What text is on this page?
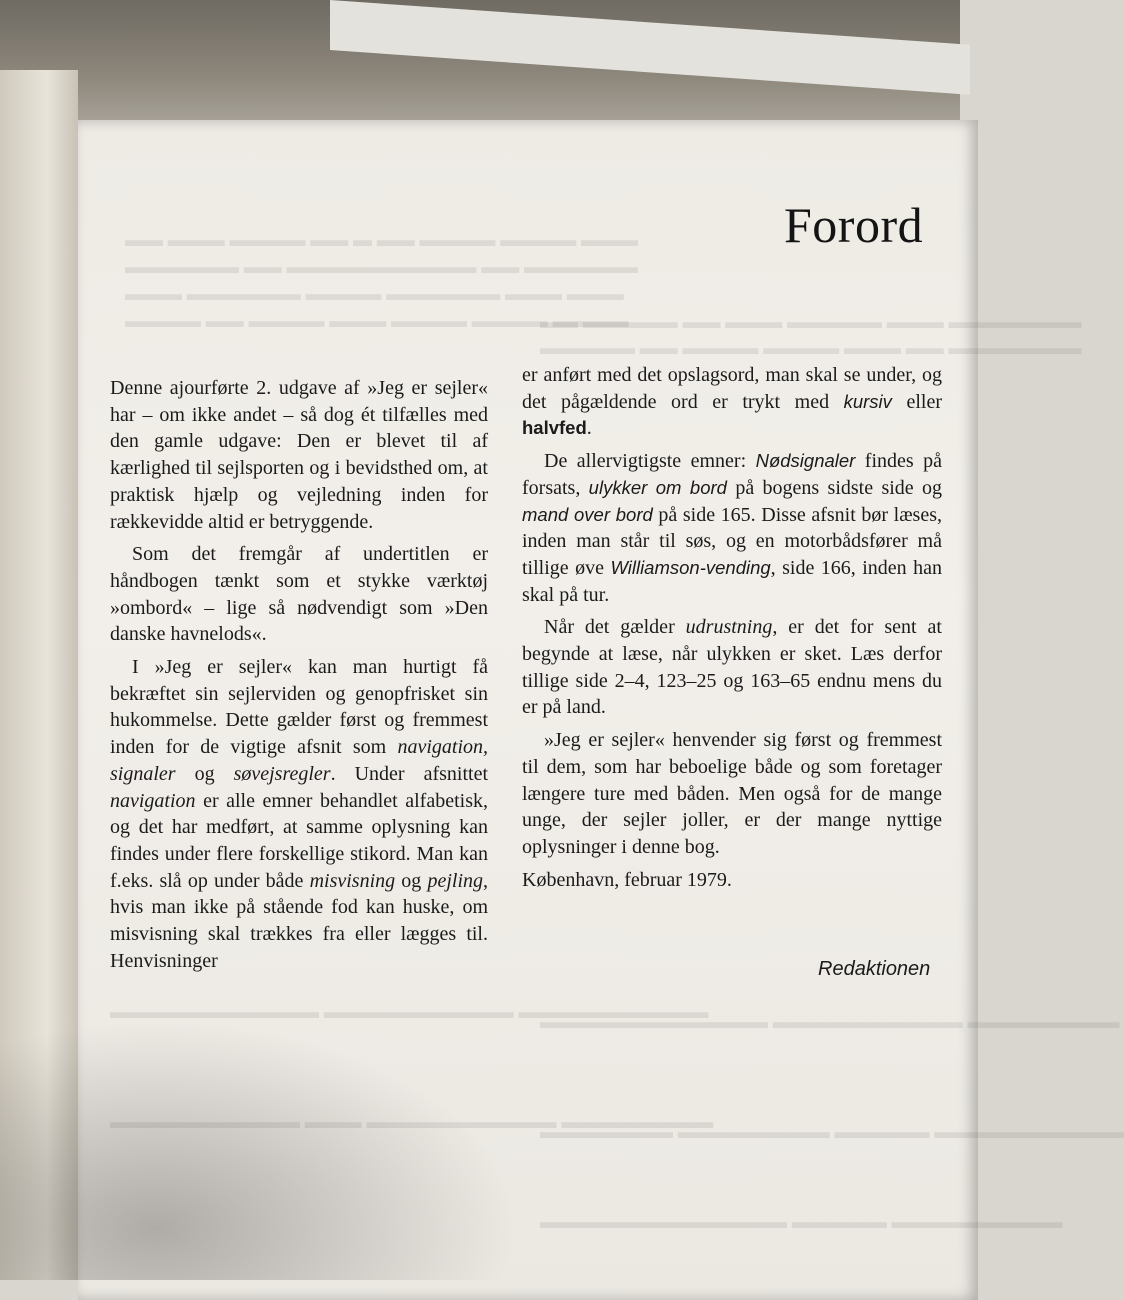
▬▬▬▬▬▬▬
▬▬▬▬▬▬▬
▬▬▬▬▬▬▬▬
▬▬▬▬▬▬▬▬▬▬
Forord

Denne ajourførte 2. udgave af »Jeg er sejler« har – om ikke andet – så dog ét tilfælles med den gamle udgave: Den er blevet til af kærlighed til sejlsporten og i bevidsthed om, at praktisk hjælp og vejledning inden for rækkevidde altid er betryggende.

Som det fremgår af undertitlen er håndbogen tænkt som et stykke værktøj »ombord« – lige så nødvendigt som »Den danske havnelods«.

I »Jeg er sejler« kan man hurtigt få bekræftet sin sejlerviden og genopfrisket sin hukommelse. Dette gælder først og fremmest inden for de vigtige afsnit som navigation, signaler og søvejsregler. Under afsnittet navigation er alle emner behandlet alfabetisk, og det har medført, at samme oplysning kan findes under flere forskellige stikord. Man kan f.eks. slå op under både misvisning og pejling, hvis man ikke på stående fod kan huske, om misvisning skal trækkes fra eller lægges til. Henvisninger

er anført med det opslagsord, man skal se under, og det pågældende ord er trykt med kursiv eller halvfed.

De allervigtigste emner: Nødsignaler findes på forsats, ulykker om bord på bogens sidste side og mand over bord på side 165. Disse afsnit bør læses, inden man står til søs, og en motorbådsfører må tillige øve Williamson-vending, side 166, inden han skal på tur.

Når det gælder udrustning, er det for sent at begynde at læse, når ulykken er sket. Læs derfor tillige side 2–4, 123–25 og 163–65 endnu mens du er på land.

»Jeg er sejler« henvender sig først og fremmest til dem, som har beboelige både og som foretager længere ture med båden. Men også for de mange unge, der sejler joller, er der mange nyttige oplysninger i denne bog.

København, februar 1979.

Redaktionen
